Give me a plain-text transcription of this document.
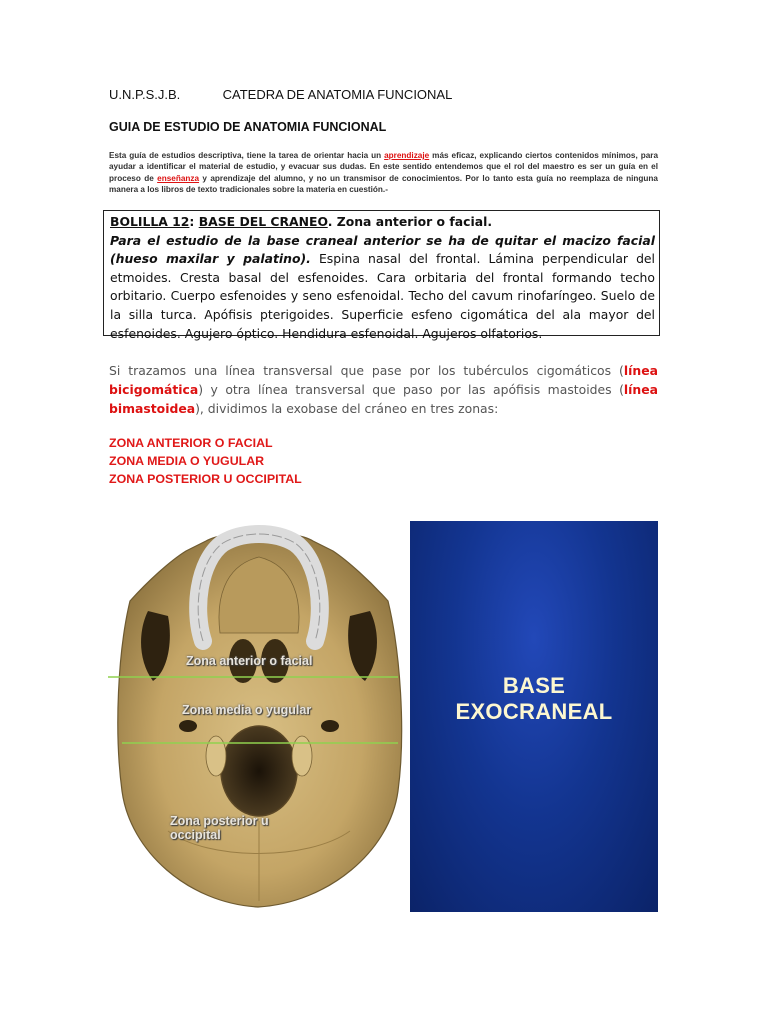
U.N.P.S.J.B.	CATEDRA DE ANATOMIA FUNCIONAL
GUIA DE ESTUDIO DE ANATOMIA FUNCIONAL
Esta guía de estudios descriptiva, tiene la tarea de orientar hacia un aprendizaje más eficaz, explicando ciertos contenidos mínimos, para ayudar a identificar el material de estudio, y evacuar sus dudas. En este sentido entendemos que el rol del maestro es ser un guía en el proceso de enseñanza y aprendizaje del alumno, y no un transmisor de conocimientos. Por lo tanto esta guía no reemplaza de ninguna manera a los libros de texto tradicionales sobre la materia en cuestión.-
BOLILLA 12: BASE DEL CRANEO. Zona anterior o facial.
Para el estudio de la base craneal anterior se ha de quitar el macizo facial (hueso maxilar y palatino). Espina nasal del frontal. Lámina perpendicular del etmoides. Cresta basal del esfenoides. Cara orbitaria del frontal formando techo orbitario. Cuerpo esfenoides y seno esfenoidal. Techo del cavum rinofaríngeo. Suelo de la silla turca. Apófisis pterigoides. Superficie esfeno cigomática del ala mayor del esfenoides. Agujero óptico. Hendidura esfenoidal. Agujeros olfatorios.
Si trazamos una línea transversal que pase por los tubérculos cigomáticos (línea bicigomática) y otra línea transversal que paso por las apófisis mastoides (línea bimastoidea), dividimos la exobase del cráneo en tres zonas:
ZONA ANTERIOR O FACIAL
ZONA MEDIA O YUGULAR
ZONA POSTERIOR U OCCIPITAL
Zona anterior o facial
Zona media o yugular
Zona posterior u
occipital
BASE
EXOCRANEAL
